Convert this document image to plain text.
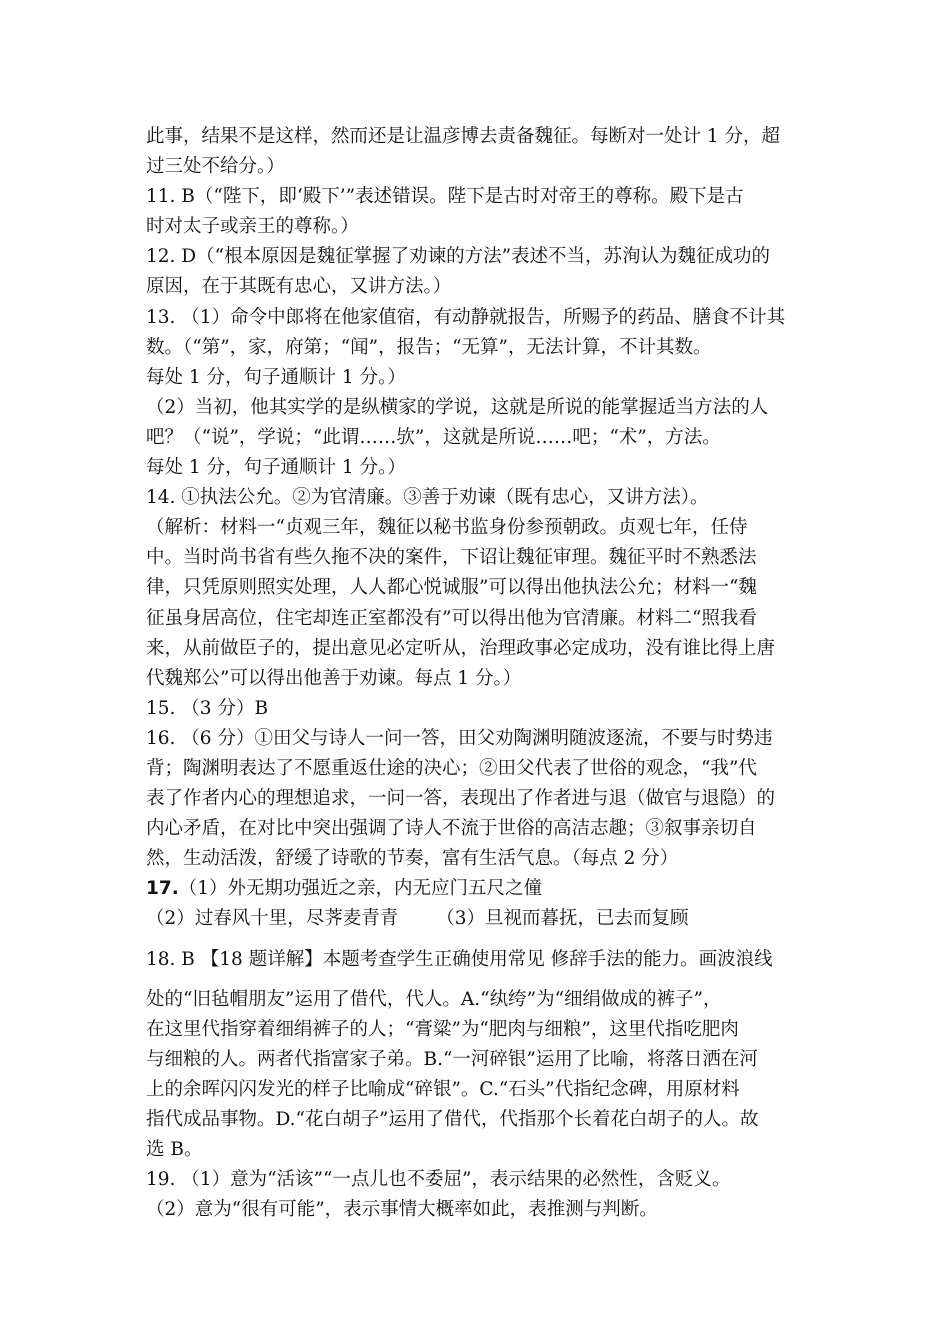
此事，结果不是这样，然而还是让温彦博去责备魏征。每断对一处计 1 分，超
过三处不给分。）
11. B（“陛下，即‘殿下’”表述错误。陛下是古时对帝王的尊称。殿下是古
时对太子或亲王的尊称。）
12. D（“根本原因是魏征掌握了劝谏的方法”表述不当，苏洵认为魏征成功的
原因，在于其既有忠心，又讲方法。）
13. （1）命令中郎将在他家值宿，有动静就报告，所赐予的药品、膳食不计其
数。（“第”，家，府第；“闻”，报告；“无算”，无法计算，不计其数。
每处 1 分，句子通顺计 1 分。）
（2）当初，他其实学的是纵横家的学说，这就是所说的能掌握适当方法的人
吧？（“说”，学说；“此谓……欤”，这就是所说……吧；“术”，方法。
每处 1 分，句子通顺计 1 分。）
14. ①执法公允。②为官清廉。③善于劝谏（既有忠心，又讲方法）。
（解析：材料一“贞观三年，魏征以秘书监身份参预朝政。贞观七年，任侍
中。当时尚书省有些久拖不决的案件，下诏让魏征审理。魏征平时不熟悉法
律，只凭原则照实处理，人人都心悦诚服”可以得出他执法公允；材料一“魏
征虽身居高位，住宅却连正室都没有”可以得出他为官清廉。材料二“照我看
来，从前做臣子的，提出意见必定听从，治理政事必定成功，没有谁比得上唐
代魏郑公”可以得出他善于劝谏。每点 1 分。）
15. （3 分）B
16. （6 分）①田父与诗人一问一答，田父劝陶渊明随波逐流，不要与时势违
背；陶渊明表达了不愿重返仕途的决心；②田父代表了世俗的观念，“我”代
表了作者内心的理想追求，一问一答，表现出了作者进与退（做官与退隐）的
内心矛盾，在对比中突出强调了诗人不流于世俗的高洁志趣；③叙事亲切自
然，生动活泼，舒缓了诗歌的节奏，富有生活气息。（每点 2 分）
17.（1）外无期功强近之亲，内无应门五尺之僮
（2）过春风十里，尽荠麦青青 （3）旦视而暮抚，已去而复顾
18. B 【18 题详解】本题考查学生正确使用常见 修辞手法的能力。画波浪线
处的“旧毡帽朋友”运用了借代，代人。A.“纨绔”为“细绢做成的裤子”，
在这里代指穿着细绢裤子的人；“膏粱”为“肥肉与细粮”，这里代指吃肥肉
与细粮的人。两者代指富家子弟。B.“一河碎银”运用了比喻，将落日洒在河
上的余晖闪闪发光的样子比喻成“碎银”。C.“石头”代指纪念碑，用原材料
指代成品事物。D.“花白胡子”运用了借代，代指那个长着花白胡子的人。故
选 B。
19. （1）意为“活该”“一点儿也不委屈”，表示结果的必然性，含贬义。
（2）意为“很有可能”，表示事情大概率如此，表推测与判断。
